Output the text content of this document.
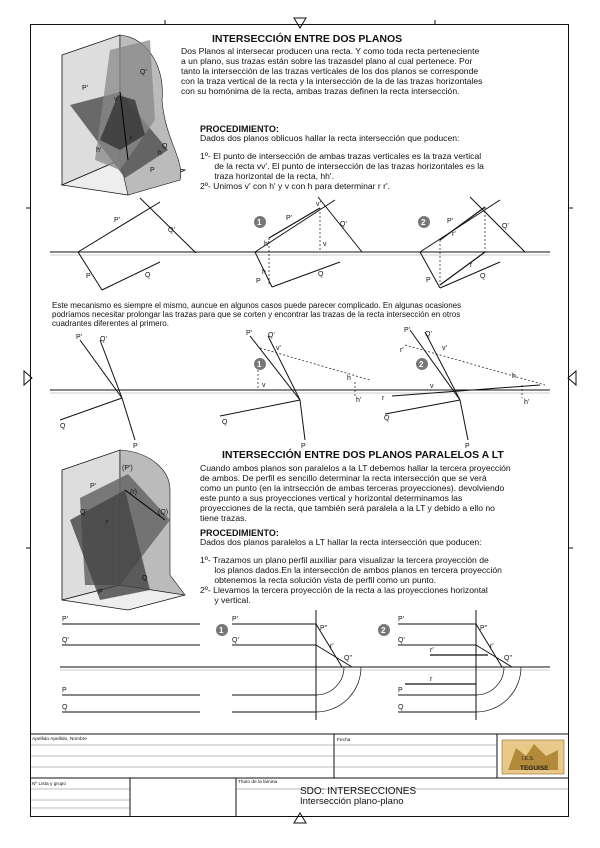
INTERSECCIÓN ENTRE DOS PLANOS
Dos Planos al intersecar producen una recta. Y como toda recta perteneciente
a un plano, sus trazas están sobre las trazasdel plano al cual pertenece. Por
tanto la intersección de las trazas verticales de los dos planos se corresponde
con la traza vertical de la recta y la intersección de la de las trazas horizontales
con su homónima de la recta, ambas trazas definen la recta intersección.
PROCEDIMIENTO:
Dados dos planos oblicuos hallar la recta intersección que poducen:
1º- El punto de intersección de ambas trazas verticales es la traza vertical
de la recta vv'. El punto de intersección de las trazas horizontales es la
traza horizontal de la recta, hh'.
2º- Unimos v' con h' y v con h para determinar r r'.
Este mecanismo es siempre el mismo, auncue en algunos casos puede parecer complicado. En algunas ocasiones
podríamos necesitar prolongar las trazas para que se corten y encontrar las trazas de la recta intersección en otros
cuadrantes diferentes al primero.
INTERSECCIÓN ENTRE DOS PLANOS PARALELOS A LT
Cuando ambos planos son paralelos a la LT debemos hallar la tercera proyección
de ambos. De perfil es sencillo determinar la recta intersección que se verá
como un punto (en la intrsección de ambas terceras proyecciones). devolviendo
este punto a sus proyecciones vertical y horizontal determinamos las
proyecciones de la recta, que también será paralela a la LT y debido a ello no
tiene trazas.
PROCEDIMIENTO:
Dados dos planos paralelos a LT hallar la recta intersección que poducen:
1º- Trazamos un plano perfil auxiliar para visualizar la tercera proyección de
los planos dados.En la intersección de ambos planos en tercera proyección
obtenemos la recta solución vista de perfil como un punto.
2º- Llevamos la tercera proyección de la recta a las proyecciones horizontal
y vertical.
P'
Q'
v'
h'
r
h
Q
P
P'
Q'
P	Q
1	P'
v'
Q'
h'	v
P
h	Q
2	P'
r'
Q'
r
P
Q
P'	Q'
Q
P
1
P' Q'
v'
v
h
h'
Q
P
2
P'
r'
Q'
v'
v
h
h'
r
Q
P
P'
(P')
(r)
(Q)
Q'
r
Q
P
P'
Q'
P
Q
1
P'
Q'
P"
r'
Q"
2
P'
Q'
r'
r
P"
r'
Q"
P
Q
I.E.S.
TEGUISE
Apellido Apellido, Nombre	Fecha
Nº Lista y grupo	Título de la lámina
SDO: INTERSECCIONES
Intersección plano-plano
